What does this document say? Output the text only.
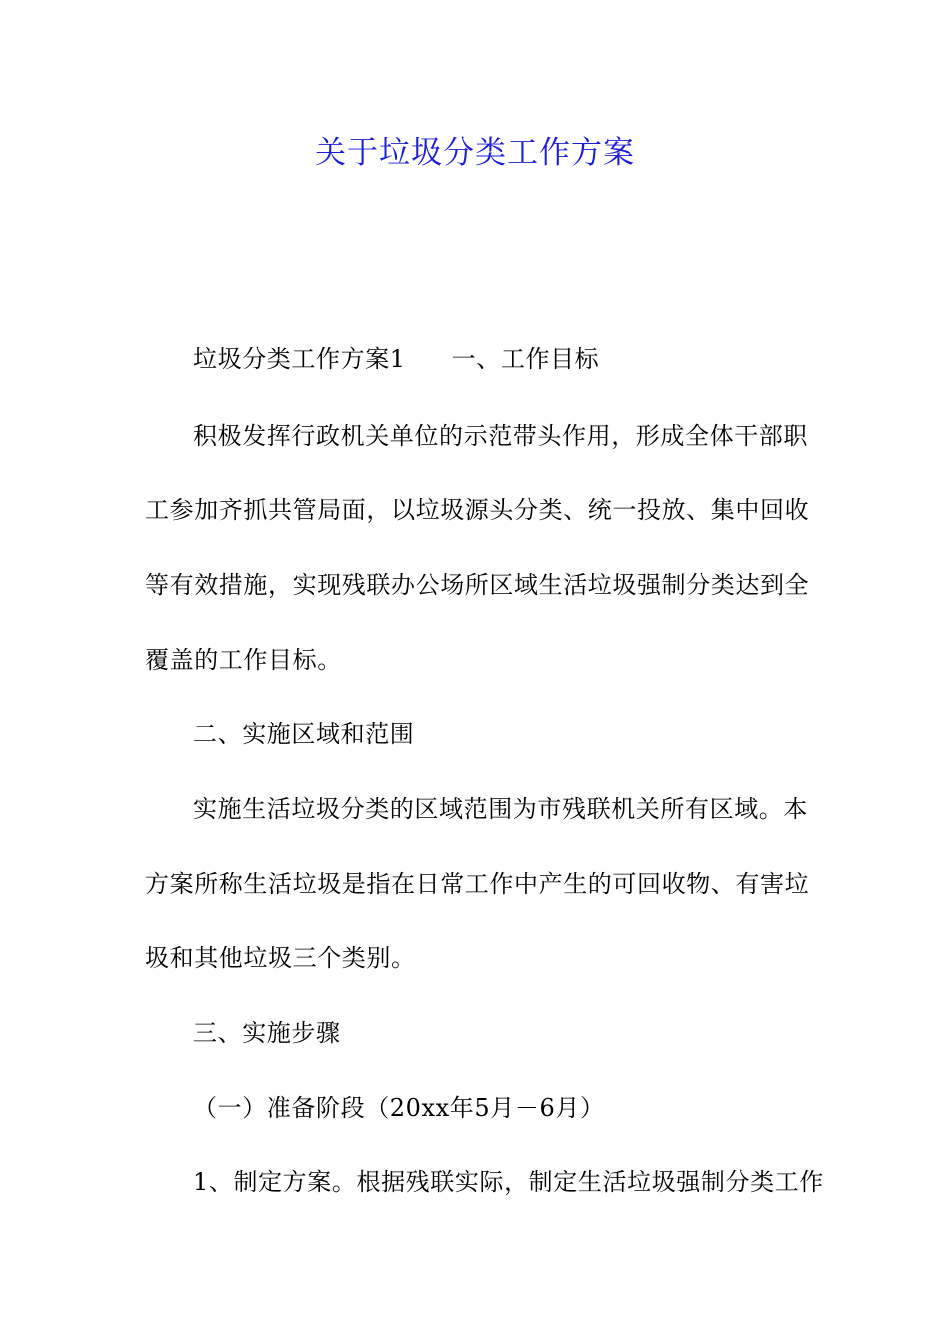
关于垃圾分类工作方案
垃圾分类工作方案1 一、工作目标
积极发挥行政机关单位的示范带头作用，形成全体干部职
工参加齐抓共管局面，以垃圾源头分类、统一投放、集中回收
等有效措施，实现残联办公场所区域生活垃圾强制分类达到全
覆盖的工作目标。
二、实施区域和范围
实施生活垃圾分类的区域范围为市残联机关所有区域。本
方案所称生活垃圾是指在日常工作中产生的可回收物、有害垃
圾和其他垃圾三个类别。
三、实施步骤
（一）准备阶段（20xx年5月－6月）
1、制定方案。根据残联实际，制定生活垃圾强制分类工作
